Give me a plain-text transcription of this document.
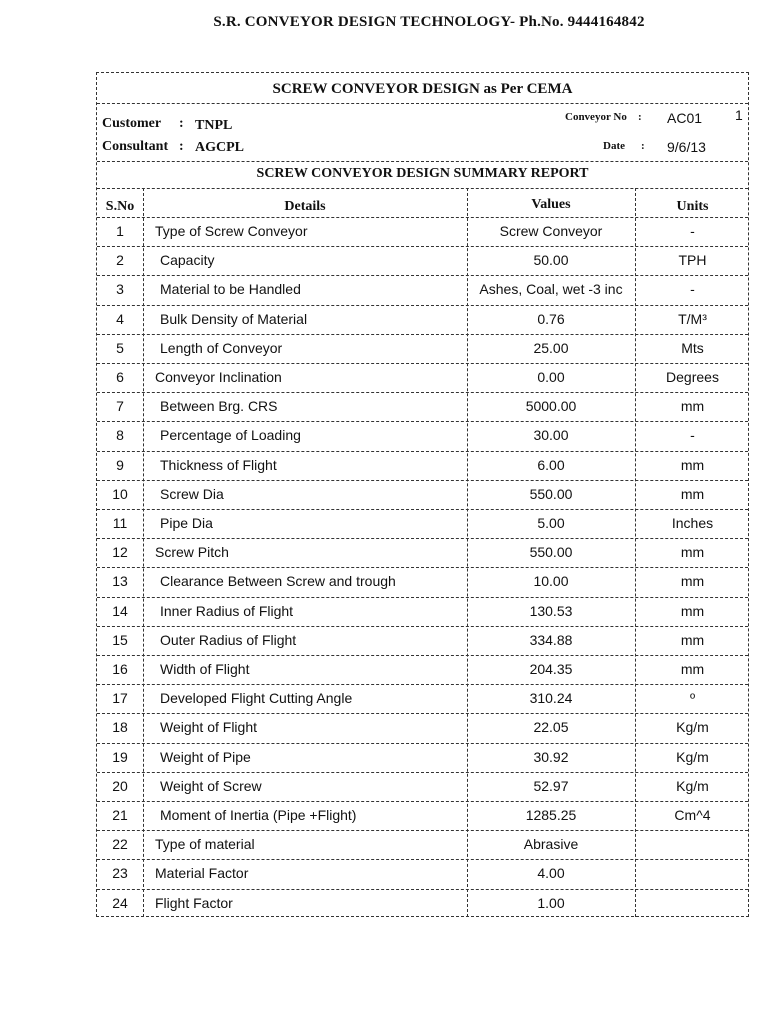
S.R. CONVEYOR DESIGN TECHNOLOGY- Ph.No. 9444164842
SCREW CONVEYOR DESIGN as Per CEMA
1
Customer : TNPL
Consultant : AGCPL
Conveyor No : AC01
Date : 9/6/13
SCREW CONVEYOR DESIGN SUMMARY REPORT
S.No	Details	Values	Units
1	Type of Screw Conveyor	Screw Conveyor	-
2	Capacity	50.00	TPH
3	Material to be Handled	Ashes, Coal, wet -3 inc	-
4	Bulk Density of Material	0.76	T/M³
5	Length of Conveyor	25.00	Mts
6	Conveyor Inclination	0.00	Degrees
7	Between Brg. CRS	5000.00	mm
8	Percentage of Loading	30.00	-
9	Thickness of Flight	6.00	mm
10	Screw Dia	550.00	mm
11	Pipe Dia	5.00	Inches
12	Screw Pitch	550.00	mm
13	Clearance Between Screw and trough	10.00	mm
14	Inner Radius of Flight	130.53	mm
15	Outer Radius of Flight	334.88	mm
16	Width of Flight	204.35	mm
17	Developed Flight Cutting Angle	310.24	º
18	Weight of Flight	22.05	Kg/m
19	Weight of Pipe	30.92	Kg/m
20	Weight of Screw	52.97	Kg/m
21	Moment of Inertia (Pipe +Flight)	1285.25	Cm^4
22	Type of material	Abrasive
23	Material Factor	4.00
24	Flight Factor	1.00
